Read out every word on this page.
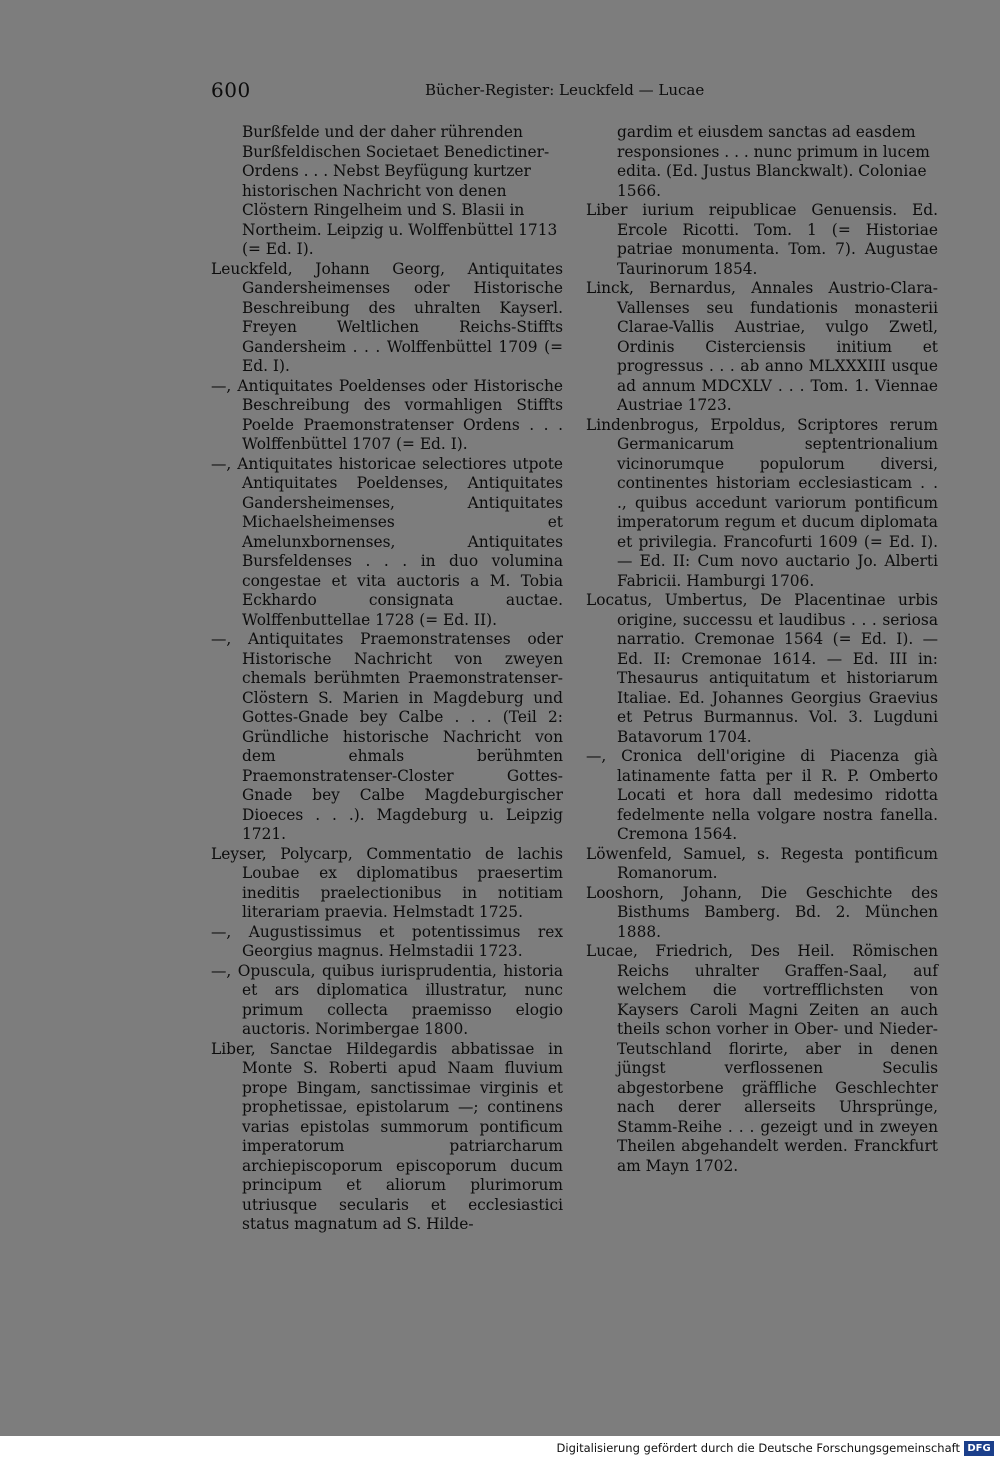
600	Bücher-Register: Leuckfeld — Lucae

Burßfelde und der daher rührenden Burßfeldischen Societaet Benedictiner-Ordens . . . Nebst Beyfügung kurtzer historischen Nachricht von denen Clöstern Ringelheim und S. Blasii in Northeim. Leipzig u. Wolffenbüttel 1713 (= Ed. I).

Leuckfeld, Johann Georg, Antiquitates Gandersheimenses oder Historische Beschreibung des uhralten Kayserl. Freyen Weltlichen Reichs-Stiffts Gandersheim . . . Wolffenbüttel 1709 (= Ed. I).

—, Antiquitates Poeldenses oder Historische Beschreibung des vormahligen Stiffts Poelde Praemonstratenser Ordens . . . Wolffenbüttel 1707 (= Ed. I).

—, Antiquitates historicae selectiores utpote Antiquitates Poeldenses, Antiquitates Gandersheimenses, Antiquitates Michaelsheimenses et Amelunxbornenses, Antiquitates Bursfeldenses . . . in duo volumina congestae et vita auctoris a M. Tobia Eckhardo consignata auctae. Wolffenbuttellae 1728 (= Ed. II).

—, Antiquitates Praemonstratenses oder Historische Nachricht von zweyen chemals berühmten Praemonstratenser-Clöstern S. Marien in Magdeburg und Gottes-Gnade bey Calbe . . . (Teil 2: Gründliche historische Nachricht von dem ehmals berühmten Praemonstratenser-Closter Gottes-Gnade bey Calbe Magdeburgischer Dioeces . . .). Magdeburg u. Leipzig 1721.

Leyser, Polycarp, Commentatio de lachis Loubae ex diplomatibus praesertim ineditis praelectionibus in notitiam literariam praevia. Helmstadt 1725.

—, Augustissimus et potentissimus rex Georgius magnus. Helmstadii 1723.

—, Opuscula, quibus iurisprudentia, historia et ars diplomatica illustratur, nunc primum collecta praemisso elogio auctoris. Norimbergae 1800.

Liber, Sanctae Hildegardis abbatissae in Monte S. Roberti apud Naam fluvium prope Bingam, sanctissimae virginis et prophetissae, epistolarum —; continens varias epistolas summorum pontificum imperatorum patriarcharum archiepiscoporum episcoporum ducum principum et aliorum plurimorum utriusque secularis et ecclesiastici status magnatum ad S. Hilde-

gardim et eiusdem sanctas ad easdem responsiones . . . nunc primum in lucem edita. (Ed. Justus Blanckwalt). Coloniae 1566.

Liber iurium reipublicae Genuensis. Ed. Ercole Ricotti. Tom. 1 (= Historiae patriae monumenta. Tom. 7). Augustae Taurinorum 1854.

Linck, Bernardus, Annales Austrio-Clara-Vallenses seu fundationis monasterii Clarae-Vallis Austriae, vulgo Zwetl, Ordinis Cisterciensis initium et progressus . . . ab anno MLXXXIII usque ad annum MDCXLV . . . Tom. 1. Viennae Austriae 1723.

Lindenbrogus, Erpoldus, Scriptores rerum Germanicarum septentrionalium vicinorumque populorum diversi, continentes historiam ecclesiasticam . . ., quibus accedunt variorum pontificum imperatorum regum et ducum diplomata et privilegia. Francofurti 1609 (= Ed. I). — Ed. II: Cum novo auctario Jo. Alberti Fabricii. Hamburgi 1706.

Locatus, Umbertus, De Placentinae urbis origine, successu et laudibus . . . seriosa narratio. Cremonae 1564 (= Ed. I). — Ed. II: Cremonae 1614. — Ed. III in: Thesaurus antiquitatum et historiarum Italiae. Ed. Johannes Georgius Graevius et Petrus Burmannus. Vol. 3. Lugduni Batavorum 1704.

—, Cronica dell'origine di Piacenza già latinamente fatta per il R. P. Omberto Locati et hora dall medesimo ridotta fedelmente nella volgare nostra fanella. Cremona 1564.

Löwenfeld, Samuel, s. Regesta pontificum Romanorum.

Looshorn, Johann, Die Geschichte des Bisthums Bamberg. Bd. 2. München 1888.

Lucae, Friedrich, Des Heil. Römischen Reichs uhralter Graffen-Saal, auf welchem die vortrefflichsten von Kaysers Caroli Magni Zeiten an auch theils schon vorher in Ober- und Nieder-Teutschland florirte, aber in denen jüngst verflossenen Seculis abgestorbene gräffliche Geschlechter nach derer allerseits Uhrsprünge, Stamm-Reihe . . . gezeigt und in zweyen Theilen abgehandelt werden. Franckfurt am Mayn 1702.

Digitalisierung gefördert durch die Deutsche Forschungsgemeinschaft DFG
